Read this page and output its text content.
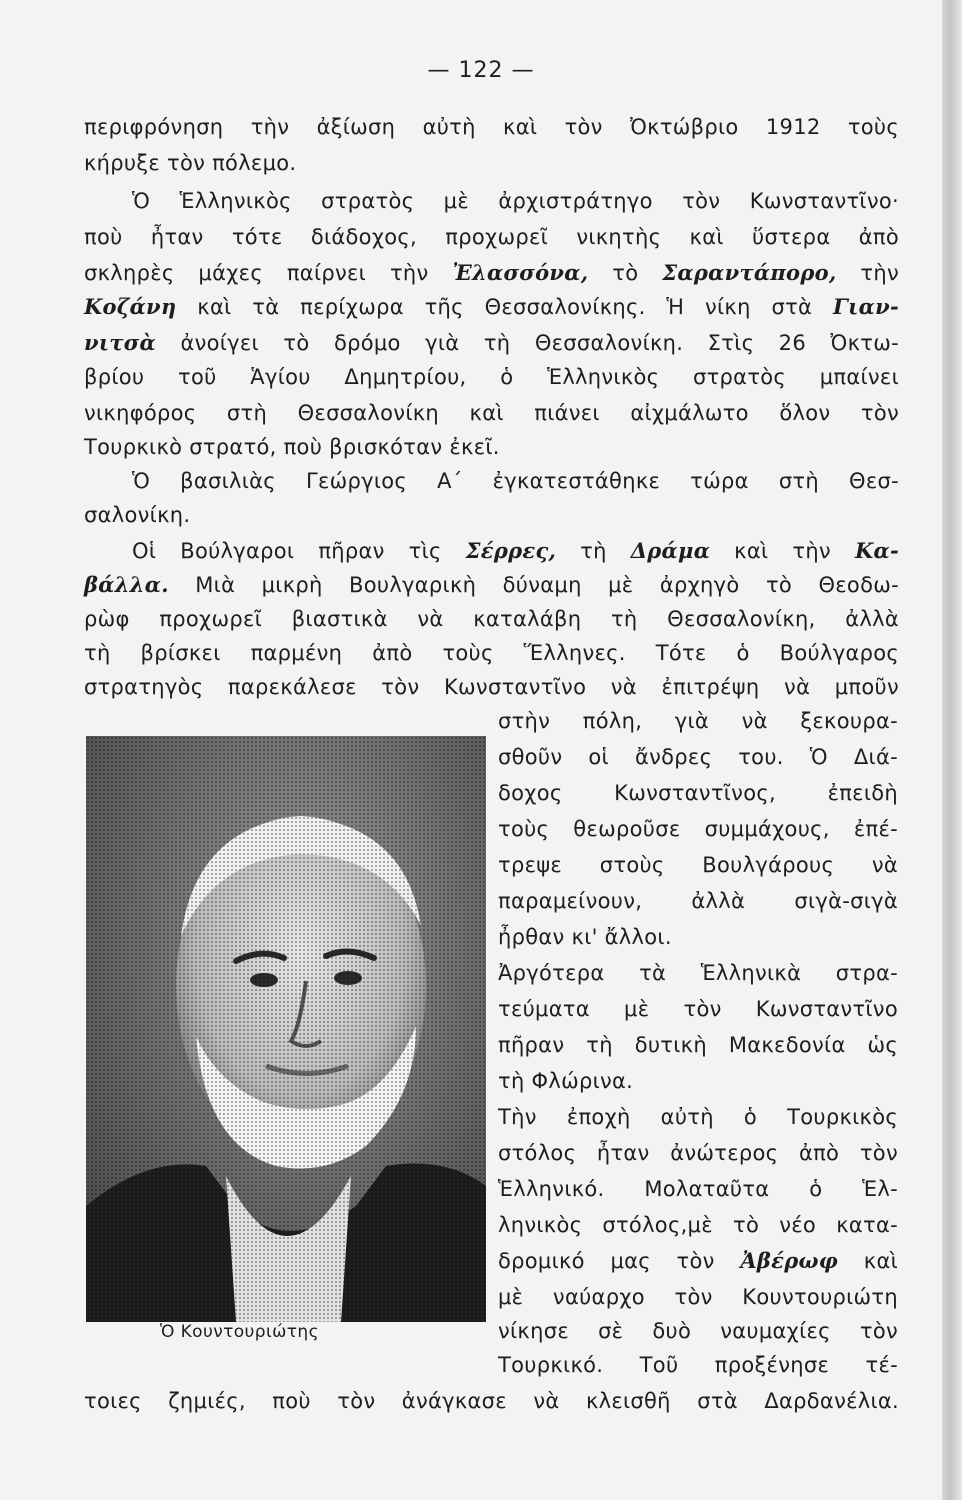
— 122 —
περιφρόνηση τὴν ἀξίωση αὐτὴ καὶ τὸν Ὀκτώβριο 1912 τοὺς
κήρυξε τὸν πόλεμο.
Ὁ Ἑλληνικὸς στρατὸς μὲ ἀρχιστράτηγο τὸν Κωνσταντῖνο·
ποὺ ἦταν τότε διάδοχος, προχωρεῖ νικητὴς καὶ ὕστερα ἀπὸ
σκληρὲς μάχες παίρνει τὴν Ἐλασσόνα, τὸ Σαραντάπορο, τὴν
Κοζάνη καὶ τὰ περίχωρα τῆς Θεσσαλονίκης. Ἡ νίκη στὰ Γιαν-
νιτσὰ ἀνοίγει τὸ δρόμο γιὰ τὴ Θεσσαλονίκη. Στὶς 26 Ὀκτω-
βρίου τοῦ Ἁγίου Δημητρίου, ὁ Ἑλληνικὸς στρατὸς μπαίνει
νικηφόρος στὴ Θεσσαλονίκη καὶ πιάνει αἰχμάλωτο ὅλον τὸν
Τουρκικὸ στρατό, ποὺ βρισκόταν ἐκεῖ.
Ὁ βασιλιὰς Γεώργιος Α΄ ἐγκατεστάθηκε τώρα στὴ Θεσ-
σαλονίκη.
Οἱ Βούλγαροι πῆραν τὶς Σέρρες, τὴ Δράμα καὶ τὴν Κα-
βάλλα. Μιὰ μικρὴ Βουλγαρικὴ δύναμη μὲ ἀρχηγὸ τὸ Θεοδω-
ρὼφ προχωρεῖ βιαστικὰ νὰ καταλάβη τὴ Θεσσαλονίκη, ἀλλὰ
τὴ βρίσκει παρμένη ἀπὸ τοὺς Ἕλληνες. Τότε ὁ Βούλγαρος
στρατηγὸς παρεκάλεσε τὸν Κωνσταντῖνο νὰ ἐπιτρέψη νὰ μποῦν
στὴν πόλη, γιὰ νὰ ξεκουρα-
σθοῦν οἱ ἄνδρες του. Ὁ Διά-
δοχος Κωνσταντῖνος, ἐπειδὴ
τοὺς θεωροῦσε συμμάχους, ἐπέ-
τρεψε στοὺς Βουλγάρους νὰ
παραμείνουν, ἀλλὰ σιγὰ-σιγὰ
ἦρθαν κι' ἄλλοι.
Ἀργότερα τὰ Ἑλληνικὰ στρα-
τεύματα μὲ τὸν Κωνσταντῖνο
πῆραν τὴ δυτικὴ Μακεδονία ὡς
τὴ Φλώρινα.
Τὴν ἐποχὴ αὐτὴ ὁ Τουρκικὸς
στόλος ἦταν ἀνώτερος ἀπὸ τὸν
Ἑλληνικό. Μολαταῦτα ὁ Ἑλ-
ληνικὸς στόλος,μὲ τὸ νέο κατα-
δρομικό μας τὸν Ἀβέρωφ καὶ
μὲ ναύαρχο τὸν Κουντουριώτη
νίκησε σὲ δυὸ ναυμαχίες τὸν
Τουρκικό. Τοῦ προξένησε τέ-
Ὁ Κουντουριώτης
τοιες ζημιές, ποὺ τὸν ἀνάγκασε νὰ κλεισθῆ στὰ Δαρδανέλια.
